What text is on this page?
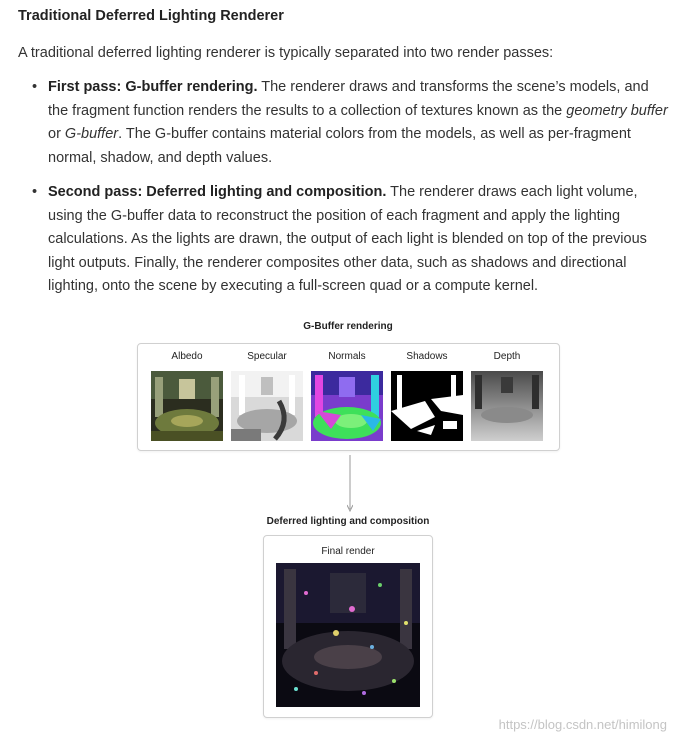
Traditional Deferred Lighting Renderer
A traditional deferred lighting renderer is typically separated into two render passes:
• First pass: G-buffer rendering. The renderer draws and transforms the scene’s models, and the fragment function renders the results to a collection of textures known as the geometry buffer or G-buffer. The G-buffer contains material colors from the models, as well as per-fragment normal, shadow, and depth values.
• Second pass: Deferred lighting and composition. The renderer draws each light volume, using the G-buffer data to reconstruct the position of each fragment and apply the lighting calculations. As the lights are drawn, the output of each light is blended on top of the previous light outputs. Finally, the renderer composites other data, such as shadows and directional lighting, onto the scene by executing a full-screen quad or a compute kernel.
G-Buffer rendering
Albedo	Specular	Normals	Shadows	Depth
Deferred lighting and composition
Final render
https://blog.csdn.net/himilong
